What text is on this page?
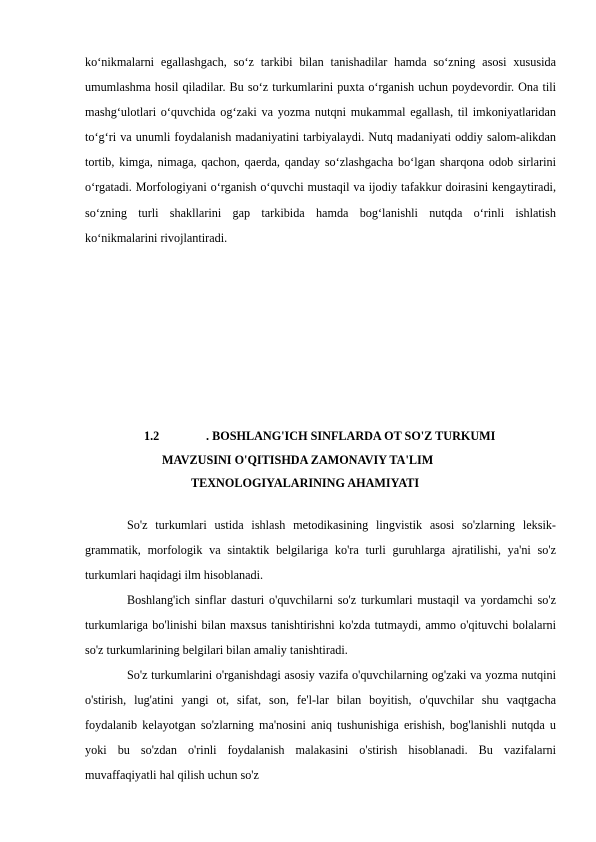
ko‘nikmalarni egallashgach, so‘z tarkibi bilan tanishadilar hamda so‘zning asosi xususida umumlashma hosil qiladilar. Bu so‘z turkumlarini puxta o‘rganish uchun poydevordir. Ona tili mashg‘ulotlari o‘quvchida og‘zaki va yozma nutqni mukammal egallash, til imkoniyatlaridan to‘g‘ri va unumli foydalanish madaniyatini tarbiyalaydi. Nutq madaniyati oddiy salom-alikdan tortib, kimga, nimaga, qachon, qaerda, qanday so‘zlashgacha bo‘lgan sharqona odob sirlarini o‘rgatadi. Morfologiyani o‘rganish o‘quvchi mustaqil va ijodiy tafakkur doirasini kengaytiradi, so‘zning turli shakllarini gap tarkibida hamda bog‘lanishli nutqda o‘rinli ishlatish ko‘nikmalarini rivojlantiradi.

1.2	. BOSHLANG'ICH SINFLARDA OT SO'Z TURKUMI
MAVZUSINI O'QITISHDA ZAMONAVIY TA'LIM
TEXNOLOGIYALARINING AHAMIYATI

So'z turkumlari ustida ishlash metodikasining lingvistik asosi so'zlarning leksik-grammatik, morfologik va sintaktik belgilariga ko'ra turli guruhlarga ajratilishi, ya'ni so'z turkumlari haqidagi ilm hisoblanadi.

Boshlang'ich sinflar dasturi o'quvchilarni so'z turkumlari mustaqil va yordamchi so'z turkumlariga bo'linishi bilan maxsus tanishtirishni ko'zda tutmaydi, ammo o'qituvchi bolalarni so'z turkumlarining belgilari bilan amaliy tanishtiradi.

So'z turkumlarini o'rganishdagi asosiy vazifa o'quvchilarning og'zaki va yozma nutqini o'stirish, lug'atini yangi ot, sifat, son, fe'l-lar bilan boyitish, o'quvchilar shu vaqtgacha foydalanib kelayotgan so'zlarning ma'nosini aniq tushunishiga erishish, bog'lanishli nutqda u yoki bu so'zdan o'rinli foydalanish malakasini o'stirish hisoblanadi. Bu vazifalarni muvaffaqiyatli hal qilish uchun so'z
